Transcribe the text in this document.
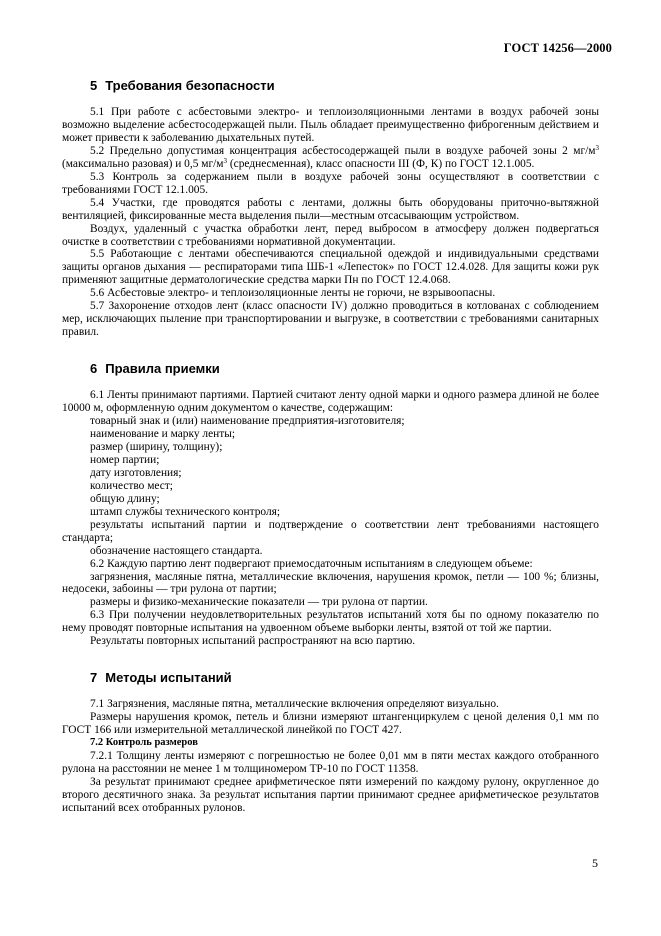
ГОСТ 14256—2000
5 Требования безопасности

5.1 При работе с асбестовыми электро- и теплоизоляционными лентами в воздух рабочей зоны возможно выделение асбестосодержащей пыли. Пыль обладает преимущественно фиброгенным действием и может привести к заболеванию дыхательных путей.

5.2 Предельно допустимая концентрация асбестосодержащей пыли в воздухе рабочей зоны 2 $мг/м^3$ (максимально разовая) и 0,5 $мг/м^3$ (среднесменная), класс опасности III (Ф, К) по ГОСТ 12.1.005.

5.3 Контроль за содержанием пыли в воздухе рабочей зоны осуществляют в соответствии с требованиями ГОСТ 12.1.005.

5.4 Участки, где проводятся работы с лентами, должны быть оборудованы приточно-вытяжной вентиляцией, фиксированные места выделения пыли—местным отсасывающим устройством.

Воздух, удаленный с участка обработки лент, перед выбросом в атмосферу должен подвергаться очистке в соответствии с требованиями нормативной документации.

5.5 Работающие с лентами обеспечиваются специальной одеждой и индивидуальными средствами защиты органов дыхания — респираторами типа ШБ-1 «Лепесток» по ГОСТ 12.4.028. Для защиты кожи рук применяют защитные дерматологические средства марки Пн по ГОСТ 12.4.068.

5.6 Асбестовые электро- и теплоизоляционные ленты не горючи, не взрывоопасны.

5.7 Захоронение отходов лент (класс опасности IV) должно проводиться в котлованах с соблюдением мер, исключающих пыление при транспортировании и выгрузке, в соответствии с требованиями санитарных правил.

6 Правила приемки

6.1 Ленты принимают партиями. Партией считают ленту одной марки и одного размера длиной не более 10000 м, оформленную одним документом о качестве, содержащим:

товарный знак и (или) наименование предприятия-изготовителя;

наименование и марку ленты;

размер (ширину, толщину);

номер партии;

дату изготовления;

количество мест;

общую длину;

штамп службы технического контроля;

результаты испытаний партии и подтверждение о соответствии лент требованиями настоящего стандарта;

обозначение настоящего стандарта.

6.2 Каждую партию лент подвергают приемосдаточным испытаниям в следующем объеме:

загрязнения, масляные пятна, металлические включения, нарушения кромок, петли — 100 %; близны, недосеки, забоины — три рулона от партии;

размеры и физико-механические показатели — три рулона от партии.

6.3 При получении неудовлетворительных результатов испытаний хотя бы по одному показателю по нему проводят повторные испытания на удвоенном объеме выборки ленты, взятой от той же партии.

Результаты повторных испытаний распространяют на всю партию.

7 Методы испытаний

7.1 Загрязнения, масляные пятна, металлические включения определяют визуально.

Размеры нарушения кромок, петель и близни измеряют штангенциркулем с ценой деления 0,1 мм по ГОСТ 166 или измерительной металлической линейкой по ГОСТ 427.

7.2 Контроль размеров

7.2.1 Толщину ленты измеряют с погрешностью не более 0,01 мм в пяти местах каждого отобранного рулона на расстоянии не менее 1 м толщиномером ТР-10 по ГОСТ 11358.

За результат принимают среднее арифметическое пяти измерений по каждому рулону, округленное до второго десятичного знака. За результат испытания партии принимают среднее арифметическое результатов испытаний всех отобранных рулонов.

5
